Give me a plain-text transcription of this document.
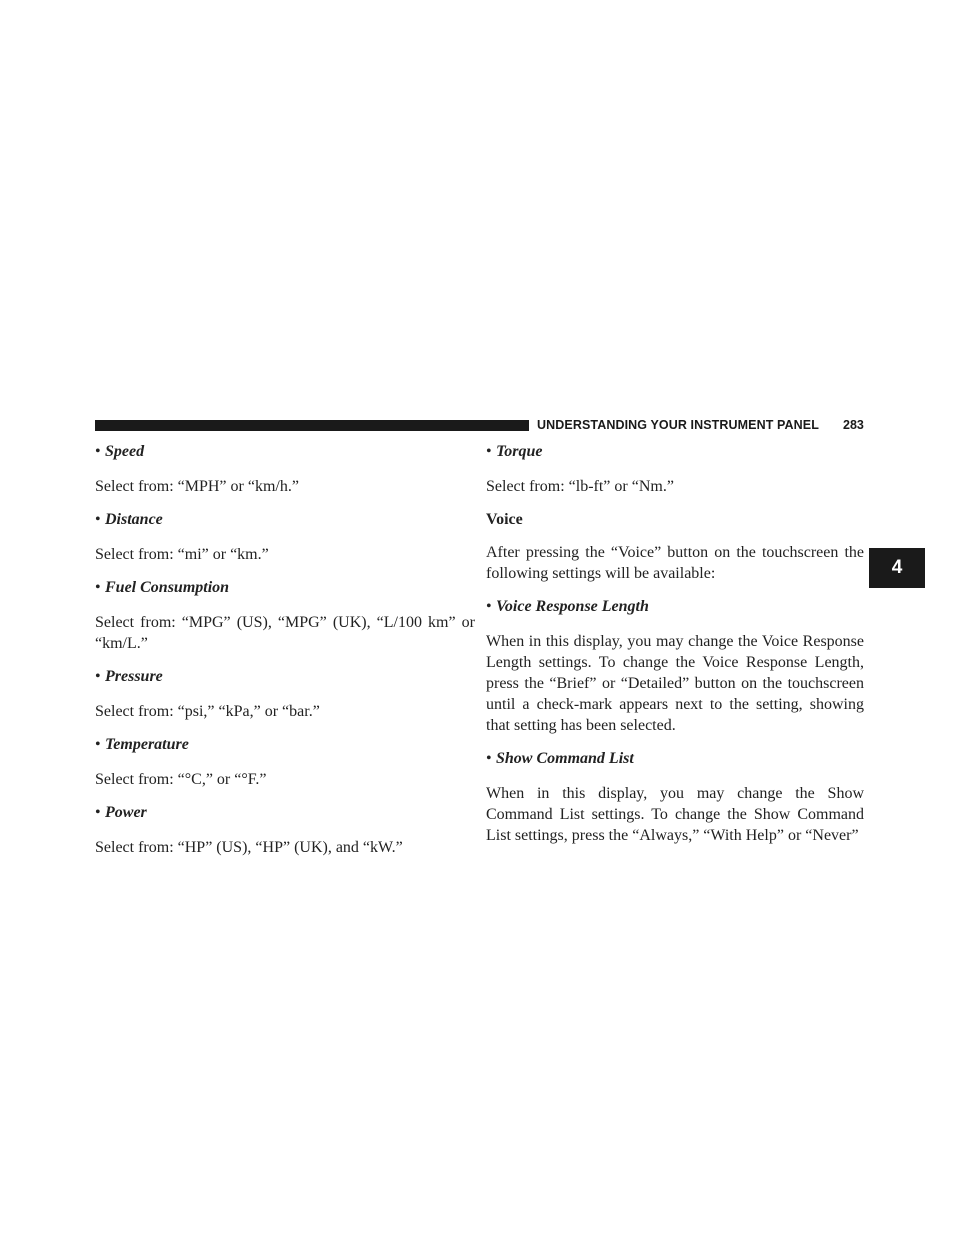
UNDERSTANDING YOUR INSTRUMENT PANEL 283
4

• Speed

Select from: “MPH” or “km/h.”

• Distance

Select from: “mi” or “km.”

• Fuel Consumption

Select from: “MPG” (US), “MPG” (UK), “L/100 km” or “km/L.”

• Pressure

Select from: “psi,” “kPa,” or “bar.”

• Temperature

Select from: “°C,” or “°F.”

• Power

Select from: “HP” (US), “HP” (UK), and “kW.”

• Torque

Select from: “lb-ft” or “Nm.”

Voice

After pressing the “Voice” button on the touchscreen the following settings will be available:

• Voice Response Length

When in this display, you may change the Voice Response Length settings. To change the Voice Response Length, press the “Brief” or “Detailed” button on the touchscreen until a check-mark appears next to the setting, showing that setting has been selected.

• Show Command List

When in this display, you may change the Show Command List settings. To change the Show Command List settings, press the “Always,” “With Help” or “Never”
